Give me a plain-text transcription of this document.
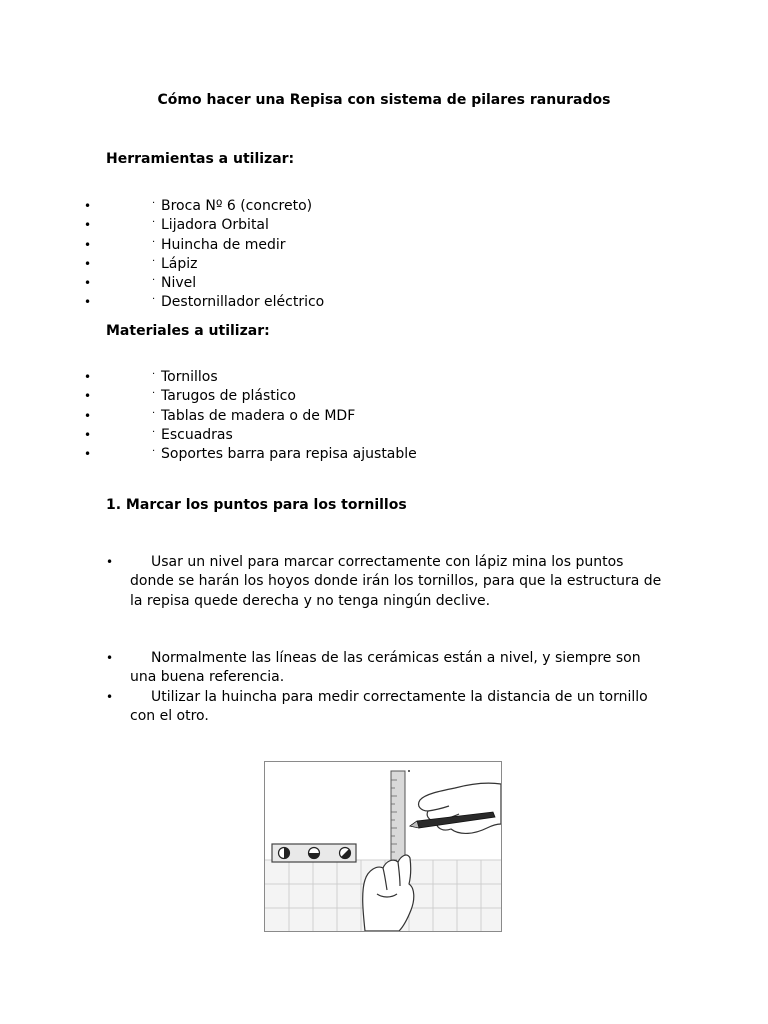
Cómo hacer una Repisa con sistema de pilares ranurados
Herramientas a utilizar:
•	· Broca Nº 6 (concreto)
•	· Lijadora Orbital
•	· Huincha de medir
•	· Lápiz
•	· Nivel
•	· Destornillador eléctrico
Materiales a utilizar:
•	· Tornillos
•	· Tarugos de plástico
•	· Tablas de madera o de MDF
•	· Escuadras
•	· Soportes barra para repisa ajustable
1. Marcar los puntos para los tornillos
•	Usar un nivel para marcar correctamente con lápiz mina los puntos donde se harán los hoyos donde irán los tornillos, para que la estructura de la repisa quede derecha y no tenga ningún declive.
•	Normalmente las líneas de las cerámicas están a nivel, y siempre son una buena referencia.
•	Utilizar la huincha para medir correctamente la distancia de un tornillo con el otro.
